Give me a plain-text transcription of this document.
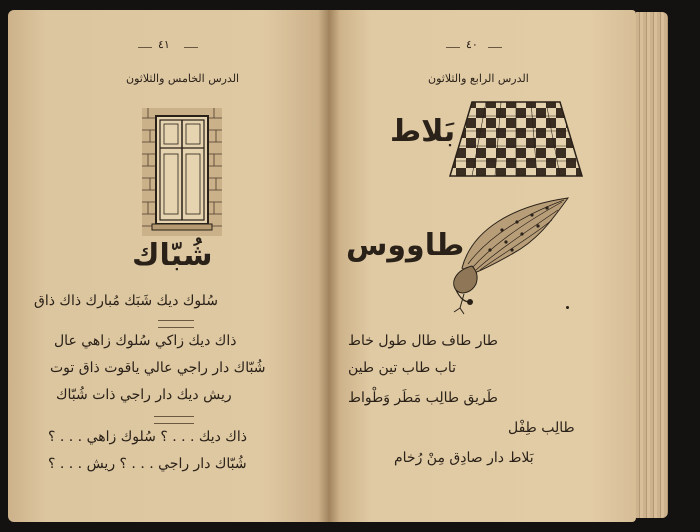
٤١
الدرس الخامس والثلاثون
شُبّاك
سُلوك ديك شَبَك مُبارك ذاك ذاق
ذاك ديك زاكي سُلوك زاهي عال
شُبّاك دار راجي عالي ياقوت ذاق توت
ريش ديك دار راجي ذات شُبّاك
ذاك ديك . . . ؟ سُلوك زاهي . . . ؟
شُبّاك دار راجي . . . ؟ ريش . . . ؟
٤٠
الدرس الرابع والثلاثون
بَلاط
طاووس
طار طاف طال طول خاط
تاب طاب تين طين
طَريق طالِب مَطَر وَطْواط
طالِب طِفْل
بَلاط دار صادِق مِنْ رُخام
